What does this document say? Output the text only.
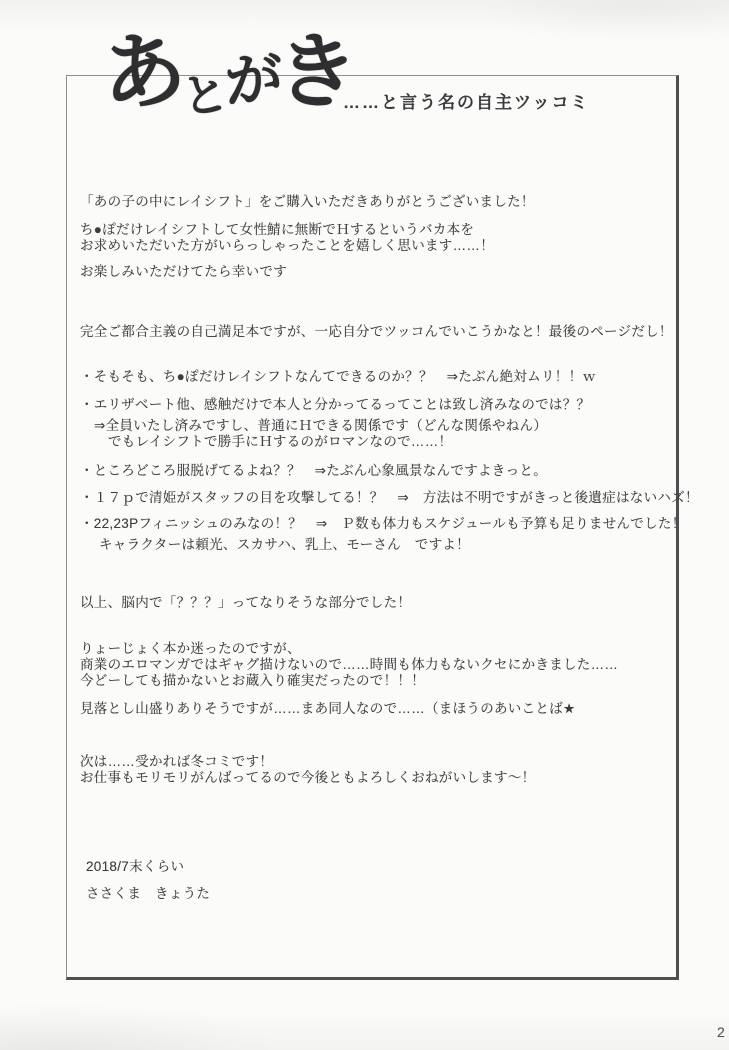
あ
と
が
き
……と言う名の自主ツッコミ
「あの子の中にレイシフト」をご購入いただきありがとうございました！
ち●ぽだけレイシフトして女性鯖に無断でＨするというバカ本を
お求めいただいた方がいらっしゃったことを嬉しく思います……！
お楽しみいただけてたら幸いです
完全ご都合主義の自己満足本ですが、一応自分でツッコんでいこうかなと！最後のページだし！
・そもそも、ち●ぽだけレイシフトなんてできるのか？？　⇒たぶん絶対ムリ！！ｗ
・エリザベート他、感触だけで本人と分かってるってことは致し済みなのでは？？
⇒全員いたし済みですし、普通にＨできる関係です（どんな関係やねん）
でもレイシフトで勝手にＨするのがロマンなので……！
・ところどころ服脱げてるよね？？　⇒たぶん心象風景なんですよきっと。
・１７ｐで清姫がスタッフの目を攻撃してる！？　⇒　方法は不明ですがきっと後遺症はないハズ！
・22,23Pフィニッシュのみなの！？　⇒　Ｐ数も体力もスケジュールも予算も足りませんでした！
キャラクターは頼光、スカサハ、乳上、モーさん　ですよ！
以上、脳内で「？？？」ってなりそうな部分でした！
りょーじょく本か迷ったのですが、
商業のエロマンガではギャグ描けないので……時間も体力もないクセにかきました……
今どーしても描かないとお蔵入り確実だったので！！！
見落とし山盛りありそうですが……まあ同人なので……（まほうのあいことば★
次は……受かれば冬コミです！
お仕事もモリモリがんばってるので今後ともよろしくおねがいします～！
2018/7末くらい
ささくま　きょうた
2
